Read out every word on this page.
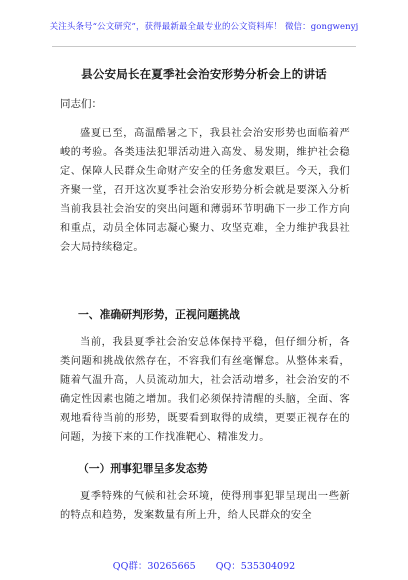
关注头条号“公文研究”，获得最新最全最专业的公文资料库！ 微信：gongwenyj
县公安局长在夏季社会治安形势分析会上的讲话
同志们：
盛夏已至，高温酷暑之下，我县社会治安形势也面临着严峻的考验。各类违法犯罪活动进入高发、易发期，维护社会稳定、保障人民群众生命财产安全的任务愈发艰巨。今天，我们齐聚一堂，召开这次夏季社会治安形势分析会就是要深入分析当前我县社会治安的突出问题和薄弱环节明确下一步工作方向和重点，动员全体同志凝心聚力、攻坚克难，全力维护我县社会大局持续稳定。
一、准确研判形势，正视问题挑战
当前，我县夏季社会治安总体保持平稳，但仔细分析，各类问题和挑战依然存在，不容我们有丝毫懈怠。从整体来看，随着气温升高，人员流动加大，社会活动增多，社会治安的不确定性因素也随之增加。我们必须保持清醒的头脑，全面、客观地看待当前的形势，既要看到取得的成绩，更要正视存在的问题，为接下来的工作找准靶心、精准发力。
（一）刑事犯罪呈多发态势
夏季特殊的气候和社会环境，使得刑事犯罪呈现出一些新的特点和趋势，发案数量有所上升，给人民群众的安全
QQ群：30265665 QQ：535304092
